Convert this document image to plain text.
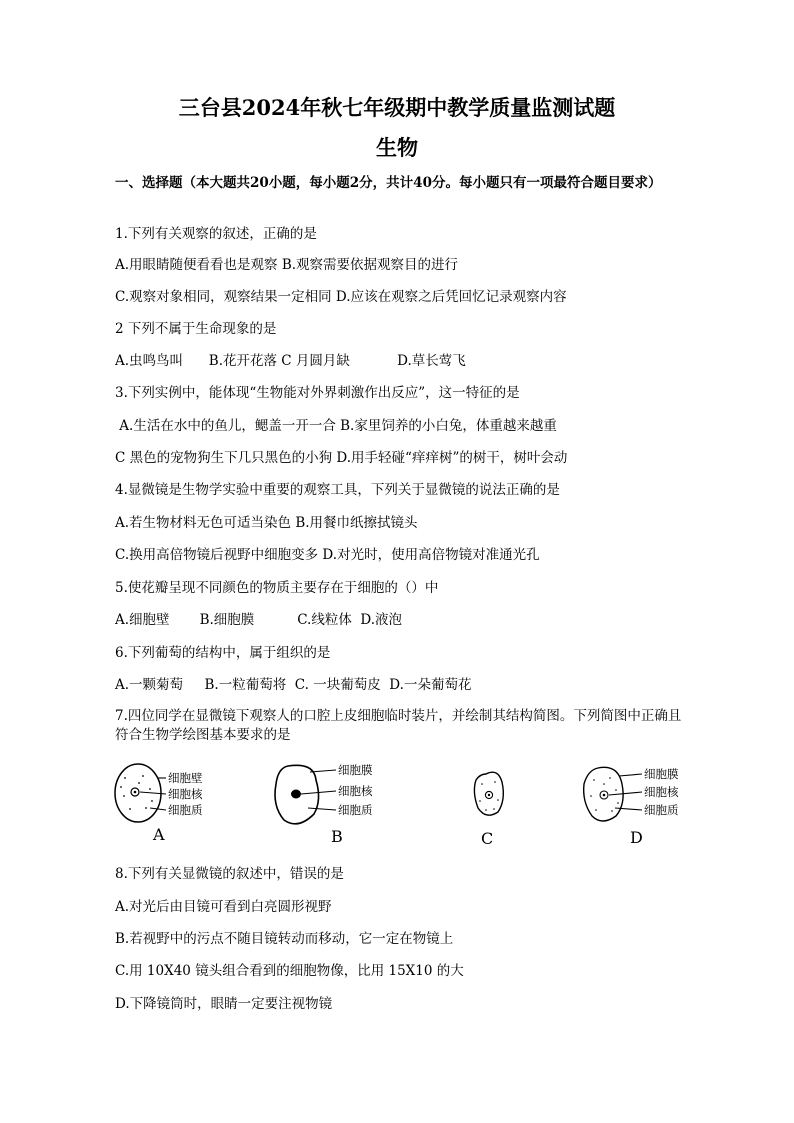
三台县2024年秋七年级期中教学质量监测试题
生物
一、选择题（本大题共20小题，每小题2分，共计40分。每小题只有一项最符合题目要求）
1.下列有关观察的叙述，正确的是
A.用眼睛随便看看也是观察 B.观察需要依据观察目的进行
C.观察对象相同，观察结果一定相同 D.应该在观察之后凭回忆记录观察内容
2 下列不属于生命现象的是
A.虫鸣鸟叫      B.花开花落 C 月圆月缺           D.草长莺飞
3.下列实例中，能体现“生物能对外界刺激作出反应”，这一特征的是
A.生活在水中的鱼儿，鳃盖一开一合 B.家里饲养的小白兔，体重越来越重
C 黑色的宠物狗生下几只黑色的小狗 D.用手轻碰“痒痒树”的树干，树叶会动
4.显微镜是生物学实验中重要的观察工具，下列关于显微镜的说法正确的是
A.若生物材料无色可适当染色 B.用餐巾纸擦拭镜头
C.换用高倍物镜后视野中细胞变多 D.对光时，使用高倍物镜对准通光孔
5.使花瓣呈现不同颜色的物质主要存在于细胞的（）中
A.细胞壁       B.细胞膜          C.线粒体  D.液泡
6.下列葡萄的结构中，属于组织的是
A.一颗菊萄     B.一粒葡萄将  C. 一块葡萄皮  D.一朵葡萄花
7.四位同学在显微镜下观察人的口腔上皮细胞临时装片，并绘制其结构简图。下列简图中正确且 符合生物学绘图基本要求的是
细胞壁
细胞核
细胞质
A
细胞膜
细胞核
细胞质
B	C
细胞膜
细胞核
细胞质
D
8.下列有关显微镜的叙述中，错误的是
A.对光后由目镜可看到白亮圆形视野
B.若视野中的污点不随目镜转动而移动，它一定在物镜上
C.用 10X40 镜头组合看到的细胞物像，比用 15X10 的大
D.下降镜筒时，眼睛一定要注视物镜
